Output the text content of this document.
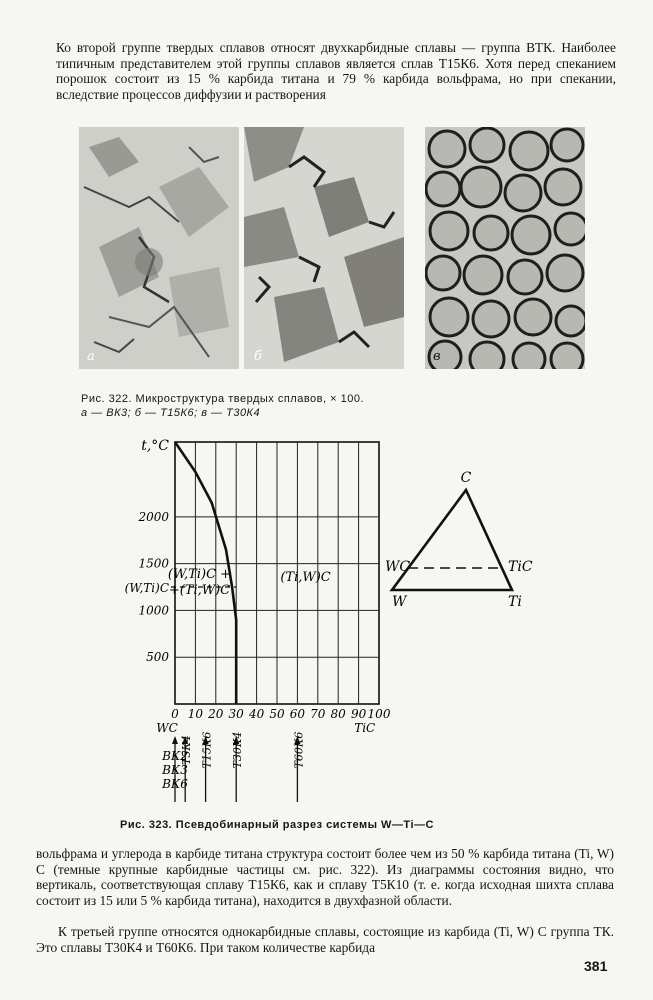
Ко второй группе твердых сплавов относят двухкарбидные сплавы — группа ВТК. Наиболее типичным представителем этой группы сплавов является сплав Т15К6. Хотя перед спеканием порошок состоит из 15 % карбида титана и 79 % карбида вольфрама, но при спекании, вследствие процессов диффузии и растворения

а	б	в
Рис. 322. Микроструктура твердых сплавов, × 100.
а — ВК3; б — Т15К6; в — Т30К4
(W,Ti)C
500
1000
1500
2000
0 10 20 30 40 50 60 70 80 90 100
WC	TiC
(W,Ti)C +
+(Ti,W)C
(Ti,W)C
ВК2
ВК3
ВК6
Т5К4 Т15К6 Т30К4	Т60К6
t,°C
C
WC	TiC
W	Ti
Рис. 323. Псевдобинарный разрез системы W—Ti—C

вольфрама и углерода в карбиде титана структура состоит более чем из 50 % карбида титана (Ti, W) С (темные крупные карбидные частицы см. рис. 322). Из диаграммы состояния видно, что вертикаль, соответствующая сплаву Т15К6, как и сплаву Т5К10 (т. е. когда исходная шихта сплава состоит из 15 или 5 % карбида титана), находится в двухфазной области.

К третьей группе относятся однокарбидные сплавы, состоящие из карбида (Ti, W) С группа ТК. Это сплавы Т30К4 и Т60К6. При таком количестве карбида

381
